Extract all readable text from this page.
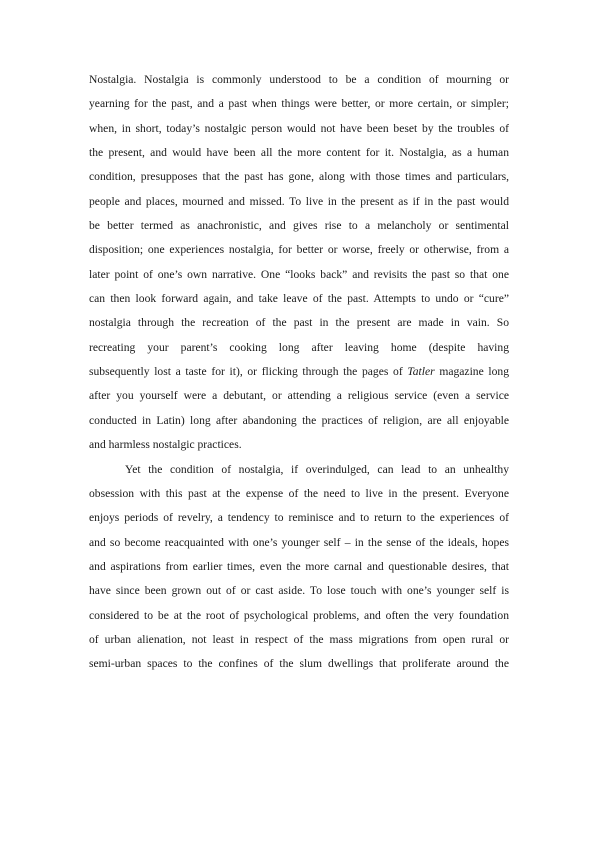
Nostalgia. Nostalgia is commonly understood to be a condition of mourning or
yearning for the past, and a past when things were better, or more certain, or simpler;
when, in short, today’s nostalgic person would not have been beset by the troubles of
the present, and would have been all the more content for it. Nostalgia, as a human
condition, presupposes that the past has gone, along with those times and particulars,
people and places, mourned and missed. To live in the present as if in the past would
be better termed as anachronistic, and gives rise to a melancholy or sentimental
disposition; one experiences nostalgia, for better or worse, freely or otherwise, from a
later point of one’s own narrative. One “looks back” and revisits the past so that one
can then look forward again, and take leave of the past. Attempts to undo or “cure”
nostalgia through the recreation of the past in the present are made in vain. So
recreating your parent’s cooking long after leaving home (despite having
subsequently lost a taste for it), or flicking through the pages of Tatler magazine long
after you yourself were a debutant, or attending a religious service (even a service
conducted in Latin) long after abandoning the practices of religion, are all enjoyable
and harmless nostalgic practices.
Yet the condition of nostalgia, if overindulged, can lead to an unhealthy
obsession with this past at the expense of the need to live in the present. Everyone
enjoys periods of revelry, a tendency to reminisce and to return to the experiences of
and so become reacquainted with one’s younger self – in the sense of the ideals, hopes
and aspirations from earlier times, even the more carnal and questionable desires, that
have since been grown out of or cast aside. To lose touch with one’s younger self is
considered to be at the root of psychological problems, and often the very foundation
of urban alienation, not least in respect of the mass migrations from open rural or
semi-urban spaces to the confines of the slum dwellings that proliferate around the
